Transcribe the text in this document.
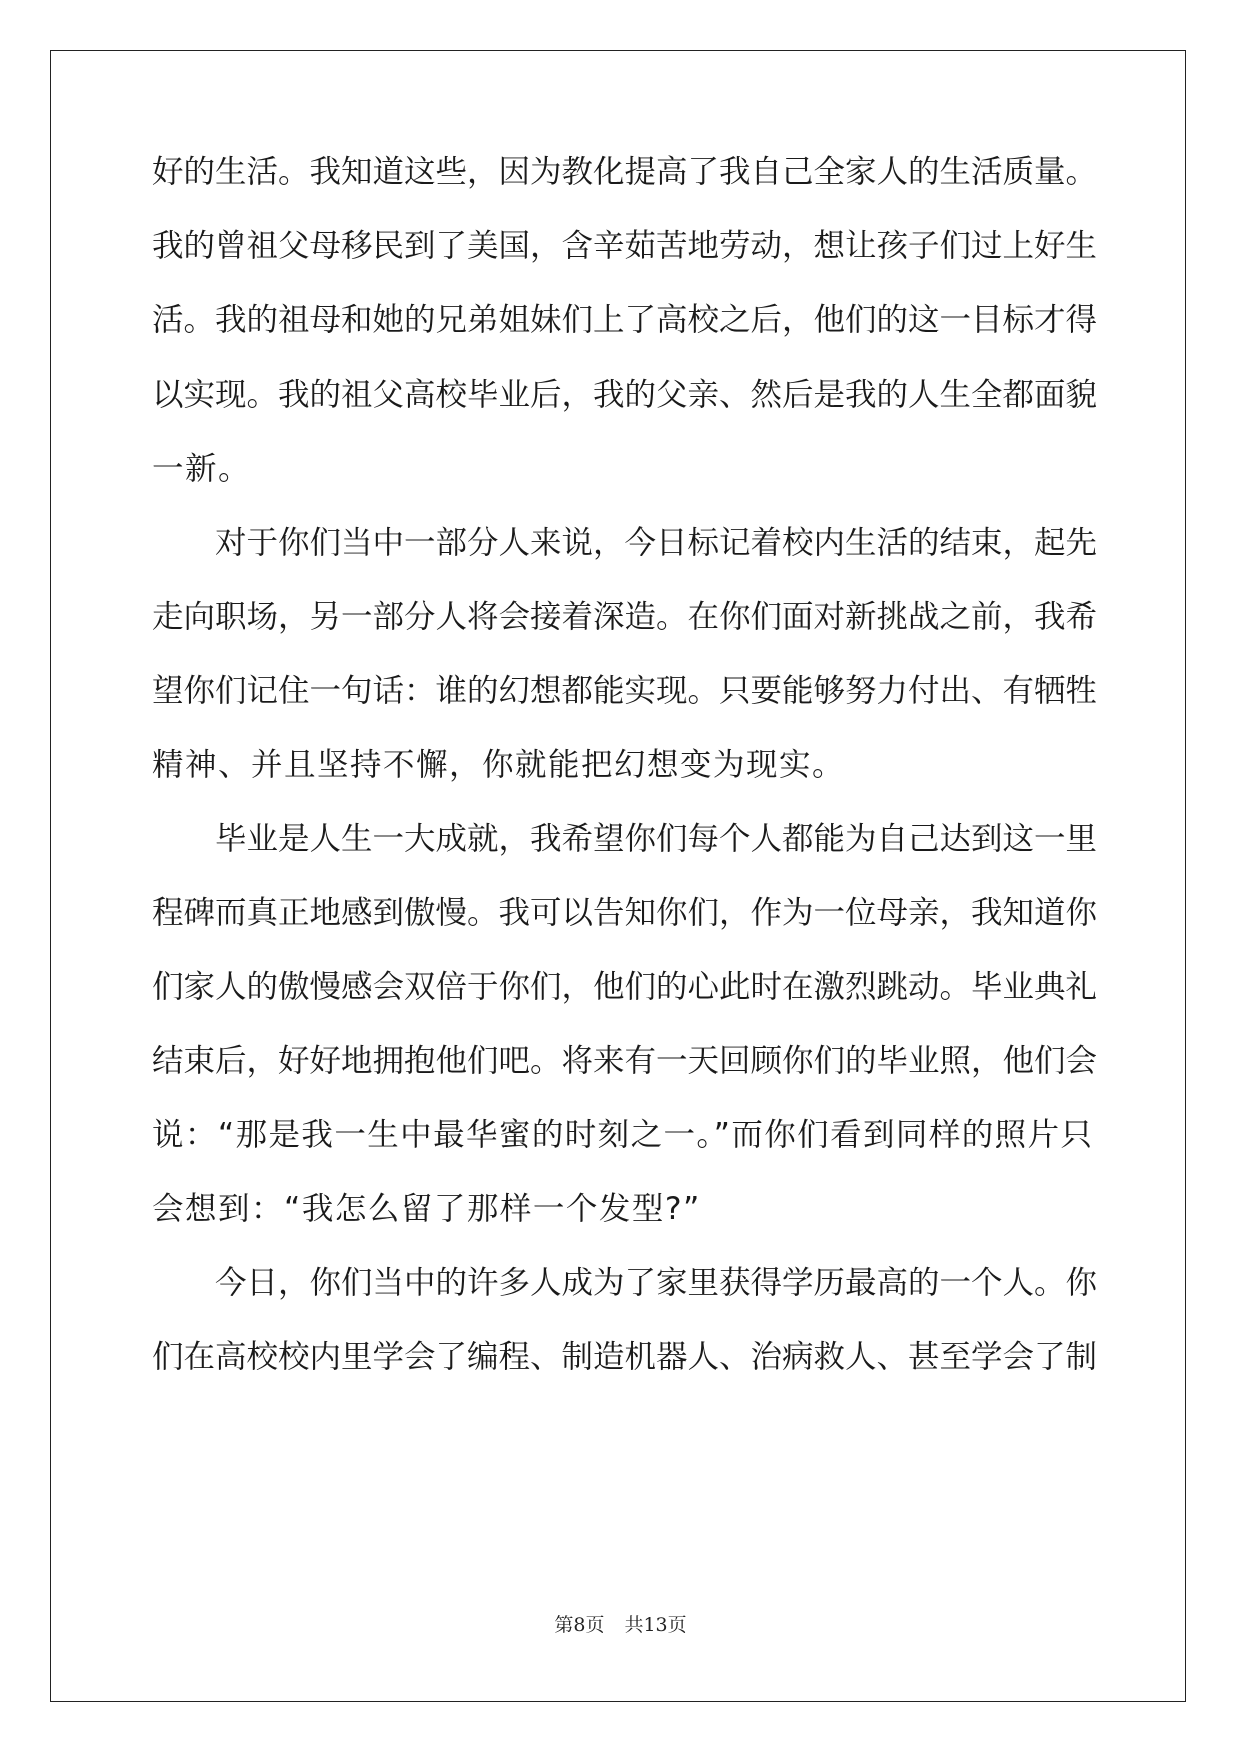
好的生活。我知道这些，因为教化提高了我自己全家人的生活质量。
我的曾祖父母移民到了美国，含辛茹苦地劳动，想让孩子们过上好生
活。我的祖母和她的兄弟姐妹们上了高校之后，他们的这一目标才得
以实现。我的祖父高校毕业后，我的父亲、然后是我的人生全都面貌
一新。
对于你们当中一部分人来说，今日标记着校内生活的结束，起先
走向职场，另一部分人将会接着深造。在你们面对新挑战之前，我希
望你们记住一句话：谁的幻想都能实现。只要能够努力付出、有牺牲
精神、并且坚持不懈，你就能把幻想变为现实。
毕业是人生一大成就，我希望你们每个人都能为自己达到这一里
程碑而真正地感到傲慢。我可以告知你们，作为一位母亲，我知道你
们家人的傲慢感会双倍于你们，他们的心此时在激烈跳动。毕业典礼
结束后，好好地拥抱他们吧。将来有一天回顾你们的毕业照，他们会
说：“那是我一生中最华蜜的时刻之一。”而你们看到同样的照片只
会想到：“我怎么留了那样一个发型?”
今日，你们当中的许多人成为了家里获得学历最高的一个人。你
们在高校校内里学会了编程、制造机器人、治病救人、甚至学会了制
第8页 共13页
